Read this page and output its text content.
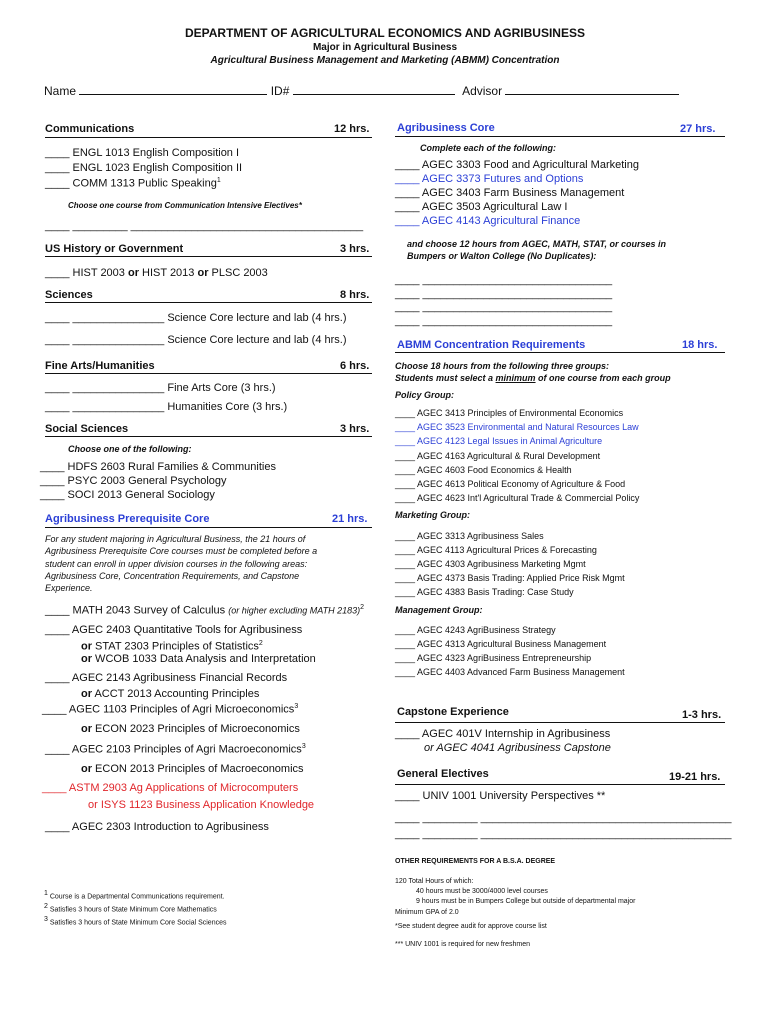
DEPARTMENT OF AGRICULTURAL ECONOMICS AND AGRIBUSINESS
Major in Agricultural Business
Agricultural Business Management and Marketing (ABMM) Concentration
Name	ID#	Advisor
Communications	12 hrs.
____ ENGL 1013 English Composition I
____ ENGL 1023 English Composition II
____ COMM 1313 Public Speaking$^1$
Choose one course from Communication Intensive Electives*
____ _________ ______________________________________
US History or Government	3 hrs.
____ HIST 2003 or HIST 2013 or PLSC 2003
Sciences	8 hrs.
____ _______________ Science Core lecture and lab (4 hrs.)
____ _______________ Science Core lecture and lab (4 hrs.)
Fine Arts/Humanities	6 hrs.
____ _______________ Fine Arts Core (3 hrs.)
____ _______________ Humanities Core (3 hrs.)
Social Sciences	3 hrs.
Choose one of the following:
____ HDFS 2603 Rural Families & Communities
____ PSYC 2003 General Psychology
____ SOCI 2013 General Sociology
Agribusiness Prerequisite Core	21 hrs.
For any student majoring in Agricultural Business, the 21 hours of
Agribusiness Prerequisite Core courses must be completed before a
student can enroll in upper division courses in the following areas:
Agribusiness Core, Concentration Requirements, and Capstone
Experience.
____ MATH 2043 Survey of Calculus (or higher excluding MATH 2183)$^2$
____ AGEC 2403 Quantitative Tools for Agribusiness
or STAT 2303 Principles of Statistics$^2$
or WCOB 1033 Data Analysis and Interpretation
____ AGEC 2143 Agribusiness Financial Records
or ACCT 2013 Accounting Principles
____ AGEC 1103 Principles of Agri Microeconomics$^3$
or ECON 2023 Principles of Microeconomics
____ AGEC 2103 Principles of Agri Macroeconomics$^3$
or ECON 2013 Principles of Macroeconomics
____ ASTM 2903 Ag Applications of Microcomputers
or ISYS 1123 Business Application Knowledge
____ AGEC 2303 Introduction to Agribusiness
$^1$ Course is a Departmental Communications requirement.
$^2$ Satisfies 3 hours of State Minimum Core Mathematics
$^3$ Satisfies 3 hours of State Minimum Core Social Sciences
Agribusiness Core	27 hrs.
Complete each of the following:
____ AGEC 3303 Food and Agricultural Marketing
____ AGEC 3373 Futures and Options
____ AGEC 3403 Farm Business Management
____ AGEC 3503 Agricultural Law I
____ AGEC 4143 Agricultural Finance
and choose 12 hours from AGEC, MATH, STAT, or courses in
Bumpers or Walton College (No Duplicates):
____ _______________________________
____ _______________________________
____ _______________________________
____ _______________________________
ABMM Concentration Requirements	18 hrs.
Choose 18 hours from the following three groups:
Students must select a minimum of one course from each group
Policy Group:
____ AGEC 3413 Principles of Environmental Economics
____ AGEC 3523 Environmental and Natural Resources Law
____ AGEC 4123 Legal Issues in Animal Agriculture
____ AGEC 4163 Agricultural & Rural Development
____ AGEC 4603 Food Economics & Health
____ AGEC 4613 Political Economy of Agriculture & Food
____ AGEC 4623 Int'l Agricultural Trade & Commercial Policy
Marketing Group:
____ AGEC 3313 Agribusiness Sales
____ AGEC 4113 Agricultural Prices & Forecasting
____ AGEC 4303 Agribusiness Marketing Mgmt
____ AGEC 4373 Basis Trading: Applied Price Risk Mgmt
____ AGEC 4383 Basis Trading: Case Study
Management Group:
____ AGEC 4243 AgriBusiness Strategy
____ AGEC 4313 Agricultural Business Management
____ AGEC 4323 AgriBusiness Entrepreneurship
____ AGEC 4403 Advanced Farm Business Management
Capstone Experience	1-3 hrs.
____ AGEC 401V Internship in Agribusiness
or AGEC 4041 Agribusiness Capstone
General Electives	19-21 hrs.
____ UNIV 1001 University Perspectives **
____ _________ _________________________________________
____ _________ _________________________________________
OTHER REQUIREMENTS FOR A B.S.A. DEGREE
120 Total Hours of which:
40 hours must be 3000/4000 level courses
9 hours must be in Bumpers College but outside of departmental major
Minimum GPA of 2.0
*See student degree audit for approve course list
*** UNIV 1001 is required for new freshmen
